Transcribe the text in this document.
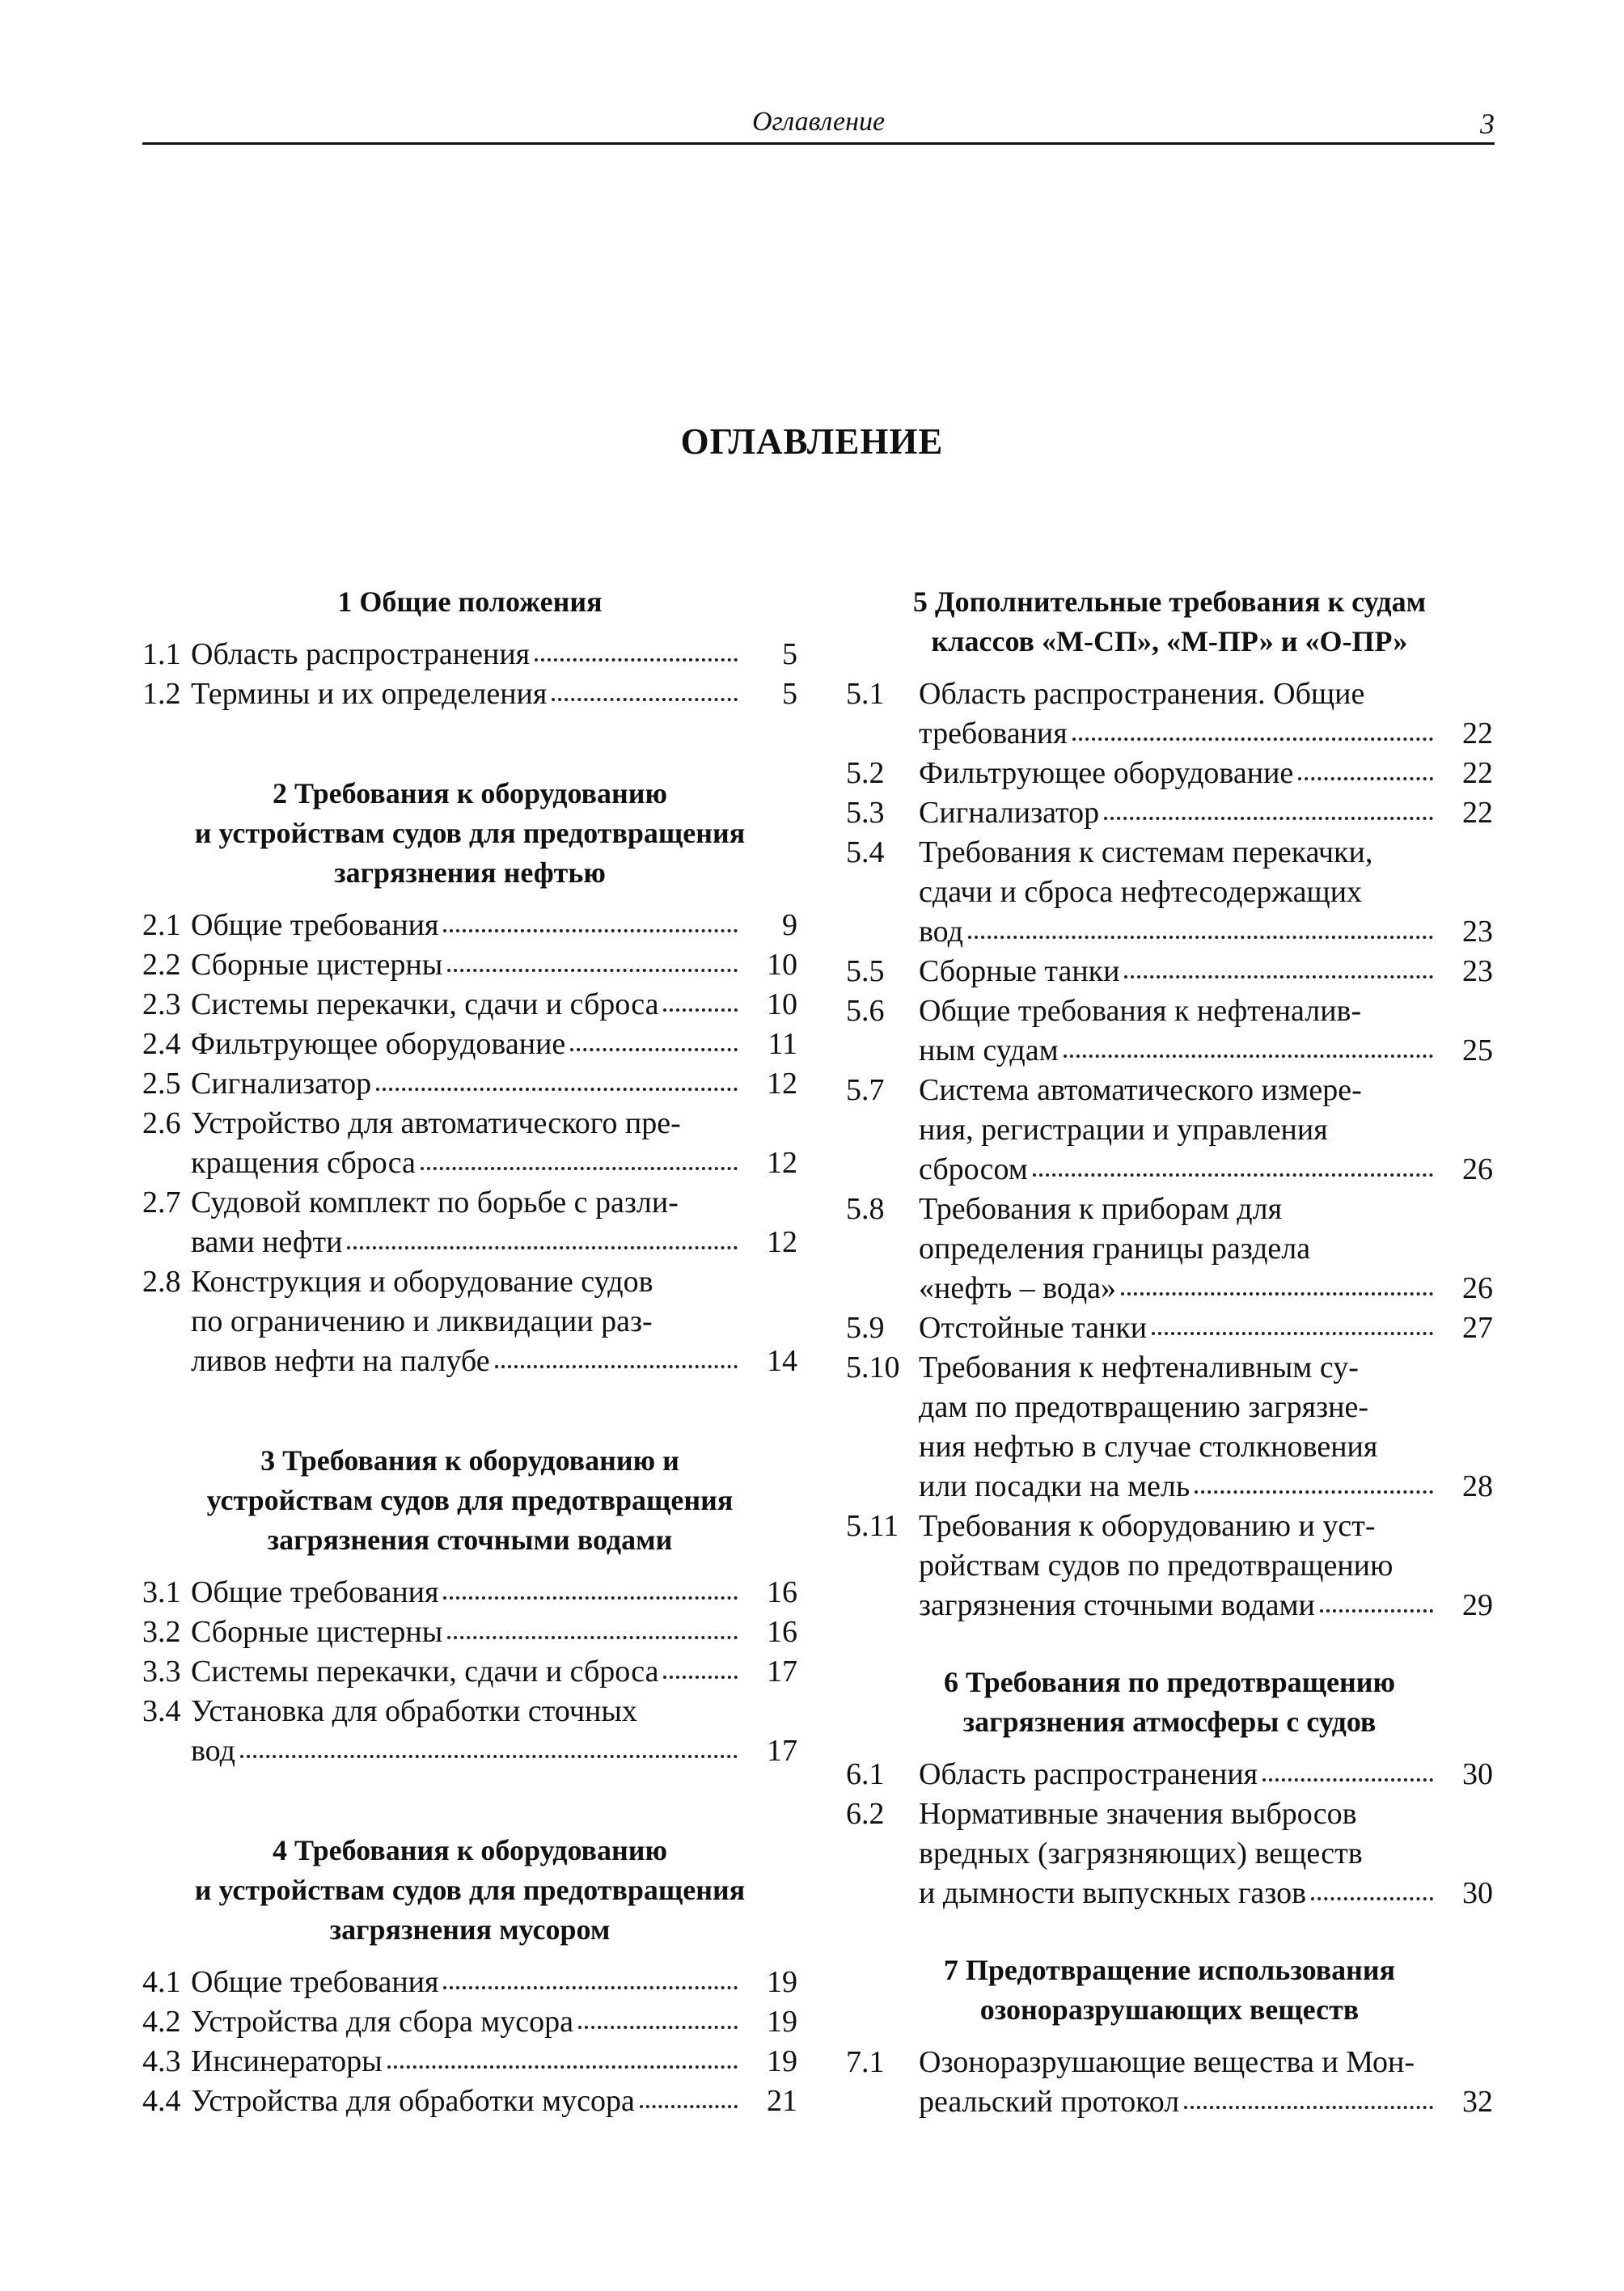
Оглавление	3
ОГЛАВЛЕНИЕ
1 Общие положения
1.1 Область распространения	5
1.2 Термины и их определения	5
2 Требования к оборудованию
и устройствам судов для предотвращения
загрязнения нефтью
2.1 Общие требования	9
2.2 Сборные цистерны	10
2.3 Системы перекачки, сдачи и сброса	10
2.4 Фильтрующее оборудование	11
2.5 Сигнализатор	12
2.6 Устройство для автоматического пре-
кращения сброса	12
2.7 Судовой комплект по борьбе с разли-
вами нефти	12
2.8 Конструкция и оборудование судов
по ограничению и ликвидации раз-
ливов нефти на палубе	14
3 Требования к оборудованию и
устройствам судов для предотвращения
загрязнения сточными водами
3.1 Общие требования	16
3.2 Сборные цистерны	16
3.3 Системы перекачки, сдачи и сброса	17
3.4 Установка для обработки сточных
вод	17
4 Требования к оборудованию
и устройствам судов для предотвращения
загрязнения мусором
4.1 Общие требования	19
4.2 Устройства для сбора мусора	19
4.3 Инсинераторы	19
4.4 Устройства для обработки мусора	21
5 Дополнительные требования к судам
классов «М-СП», «М-ПР» и «О-ПР»
5.1 Область распространения. Общие
требования	22
5.2 Фильтрующее оборудование	22
5.3 Сигнализатор	22
5.4 Требования к системам перекачки,
сдачи и сброса нефтесодержащих
вод	23
5.5 Сборные танки	23
5.6 Общие требования к нефтеналив-
ным судам	25
5.7 Система автоматического измере-
ния, регистрации и управления
сбросом	26
5.8 Требования к приборам для
определения границы раздела
«нефть – вода»	26
5.9 Отстойные танки	27
5.10 Требования к нефтеналивным су-
дам по предотвращению загрязне-
ния нефтью в случае столкновения
или посадки на мель	28
5.11 Требования к оборудованию и уст-
ройствам судов по предотвращению
загрязнения сточными водами	29
6 Требования по предотвращению
загрязнения атмосферы с судов
6.1 Область распространения	30
6.2 Нормативные значения выбросов
вредных (загрязняющих) веществ
и дымности выпускных газов	30
7 Предотвращение использования
озоноразрушающих веществ
7.1 Озоноразрушающие вещества и Мон-
реальский протокол	32
